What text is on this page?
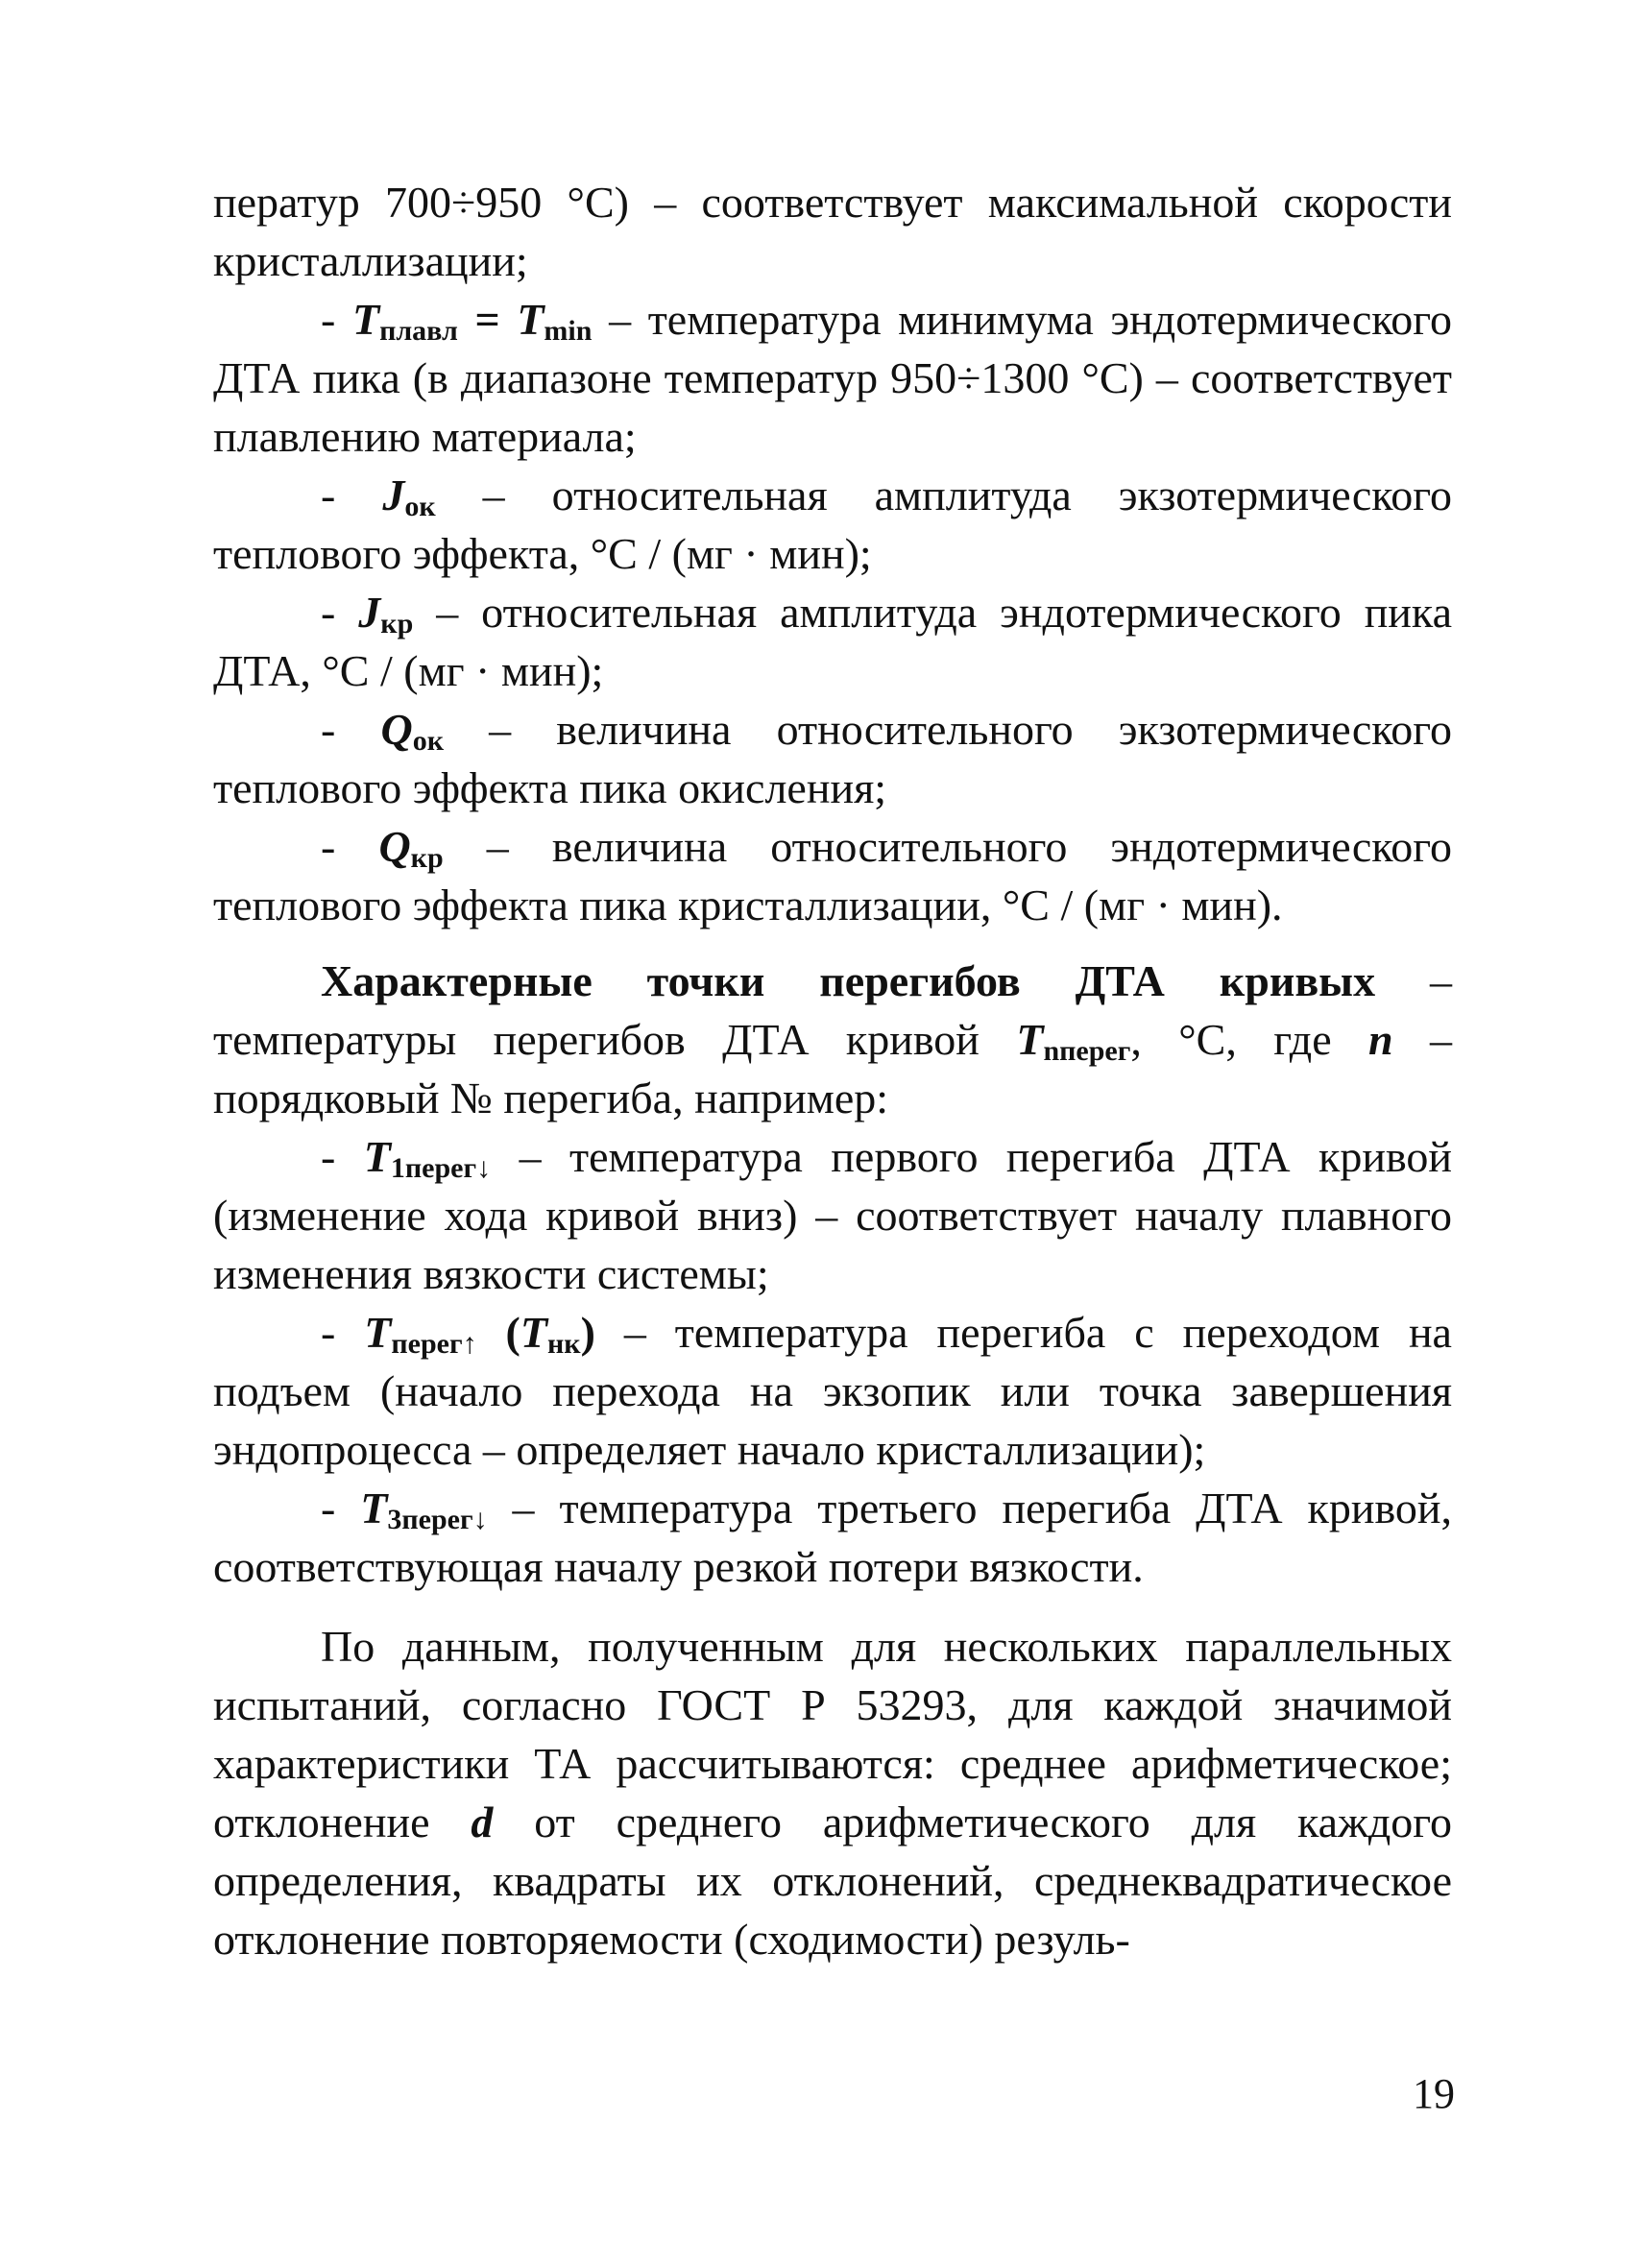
ператур 700÷950 °С) – соответствует максимальной скорости кристаллизации;

- $T_{плавл} = T_{min}$ – температура минимума эндотермического ДТА пика (в диапазоне температур 950÷1300 °С) – соответствует плавлению материала;

- $J_{ок}$ – относительная амплитуда экзотермического теплового эффекта, °С / (мг · мин);

- $J_{кр}$ – относительная амплитуда эндотермического пика ДТА, °С / (мг · мин);

- $Q_{ок}$ – величина относительного экзотермического теплового эффекта пика окисления;

- $Q_{кр}$ – величина относительного эндотермического теплового эффекта пика кристаллизации, °С / (мг · мин).

Характерные точки перегибов ДТА кривых – температуры перегибов ДТА кривой $T_{nперег}$, °С, где n – порядковый № перегиба, например:

- $T_{1перег↓}$ – температура первого перегиба ДТА кривой (изменение хода кривой вниз) – соответствует началу плавного изменения вязкости системы;

- $T_{перег↑}$ $(T_{нк})$ – температура перегиба с переходом на подъем (начало перехода на экзопик или точка завершения эндопроцесса – определяет начало кристаллизации);

- $T_{3перег↓}$ – температура третьего перегиба ДТА кривой, соответствующая началу резкой потери вязкости.

По данным, полученным для нескольких параллельных испытаний, согласно ГОСТ Р 53293, для каждой значимой характеристики ТА рассчитываются: среднее арифметическое; отклонение d от среднего арифметического для каждого определения, квадраты их отклонений, среднеквадратическое отклонение повторяемости (сходимости) резуль-

19
